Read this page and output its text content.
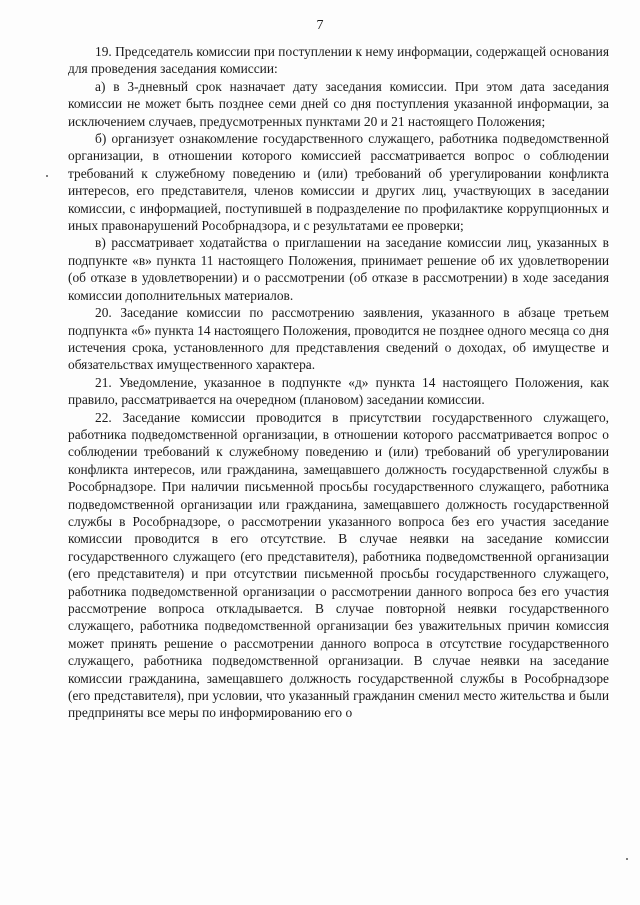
7

19. Председатель комиссии при поступлении к нему информации, содержащей основания для проведения заседания комиссии:

а) в 3-дневный срок назначает дату заседания комиссии. При этом дата заседания комиссии не может быть позднее семи дней со дня поступления указанной информации, за исключением случаев, предусмотренных пунктами 20 и 21 настоящего Положения;

б) организует ознакомление государственного служащего, работника подведомственной организации, в отношении которого комиссией рассматривается вопрос о соблюдении требований к служебному поведению и (или) требований об урегулировании конфликта интересов, его представителя, членов комиссии и других лиц, участвующих в заседании комиссии, с информацией, поступившей в подразделение по профилактике коррупционных и иных правонарушений Рособрнадзора, и с результатами ее проверки;

в) рассматривает ходатайства о приглашении на заседание комиссии лиц, указанных в подпункте «в» пункта 11 настоящего Положения, принимает решение об их удовлетворении (об отказе в удовлетворении) и о рассмотрении (об отказе в рассмотрении) в ходе заседания комиссии дополнительных материалов.

20. Заседание комиссии по рассмотрению заявления, указанного в абзаце третьем подпункта «б» пункта 14 настоящего Положения, проводится не позднее одного месяца со дня истечения срока, установленного для представления сведений о доходах, об имуществе и обязательствах имущественного характера.

21. Уведомление, указанное в подпункте «д» пункта 14 настоящего Положения, как правило, рассматривается на очередном (плановом) заседании комиссии.

22. Заседание комиссии проводится в присутствии государственного служащего, работника подведомственной организации, в отношении которого рассматривается вопрос о соблюдении требований к служебному поведению и (или) требований об урегулировании конфликта интересов, или гражданина, замещавшего должность государственной службы в Рособрнадзоре. При наличии письменной просьбы государственного служащего, работника подведомственной организации или гражданина, замещавшего должность государственной службы в Рособрнадзоре, о рассмотрении указанного вопроса без его участия заседание комиссии проводится в его отсутствие. В случае неявки на заседание комиссии государственного служащего (его представителя), работника подведомственной организации (его представителя) и при отсутствии письменной просьбы государственного служащего, работника подведомственной организации о рассмотрении данного вопроса без его участия рассмотрение вопроса откладывается. В случае повторной неявки государственного служащего, работника подведомственной организации без уважительных причин комиссия может принять решение о рассмотрении данного вопроса в отсутствие государственного служащего, работника подведомственной организации. В случае неявки на заседание комиссии гражданина, замещавшего должность государственной службы в Рособрнадзоре (его представителя), при условии, что указанный гражданин сменил место жительства и были предприняты все меры по информированию его о
